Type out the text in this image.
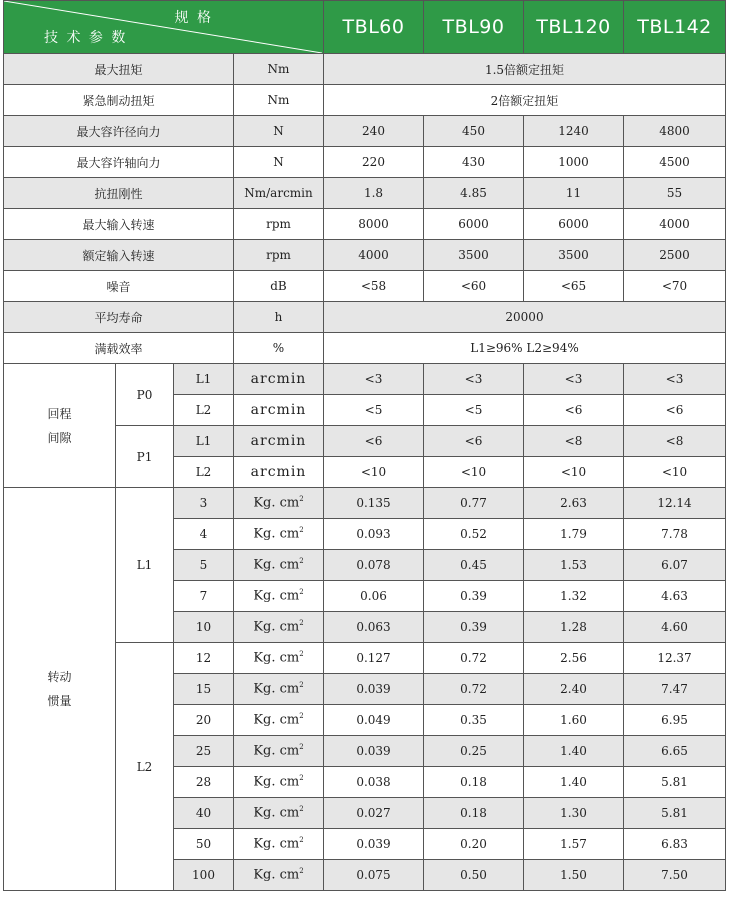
规 格
技 术 参 数				TBL60	TBL90	TBL120	TBL142
最大扭矩			Nm	1.5倍额定扭矩			
紧急制动扭矩			Nm	2倍额定扭矩			
最大容许径向力			N	240	450	1240	4800
最大容许轴向力			N	220	430	1000	4500
抗扭刚性			Nm/arcmin	1.8	4.85	11	55
最大输入转速			rpm	8000	6000	6000	4000
额定输入转速			rpm	4000	3500	3500	2500
噪音			dB	<58	<60	<65	<70
平均寿命			h	20000			
满载效率			%	L1≥96% L2≥94%			

回程
间隙	P0	L1	arcmin	<3	<3	<3	<3
		L2	arcmin	<5	<5	<6	<6
	P1	L1	arcmin	<6	<6	<8	<8
		L2	arcmin	<10	<10	<10	<10

转动
惯量	L1	3	Kg. $cm^2$	0.135	0.77	2.63	12.14
		4	Kg. $cm^2$	0.093	0.52	1.79	7.78
		5	Kg. $cm^2$	0.078	0.45	1.53	6.07
		7	Kg. $cm^2$	0.06	0.39	1.32	4.63
		10	Kg. $cm^2$	0.063	0.39	1.28	4.60
	L2	12	Kg. $cm^2$	0.127	0.72	2.56	12.37
		15	Kg. $cm^2$	0.039	0.72	2.40	7.47
		20	Kg. $cm^2$	0.049	0.35	1.60	6.95
		25	Kg. $cm^2$	0.039	0.25	1.40	6.65
		28	Kg. $cm^2$	0.038	0.18	1.40	5.81
		40	Kg. $cm^2$	0.027	0.18	1.30	5.81
		50	Kg. $cm^2$	0.039	0.20	1.57	6.83
		100	Kg. $cm^2$	0.075	0.50	1.50	7.50
